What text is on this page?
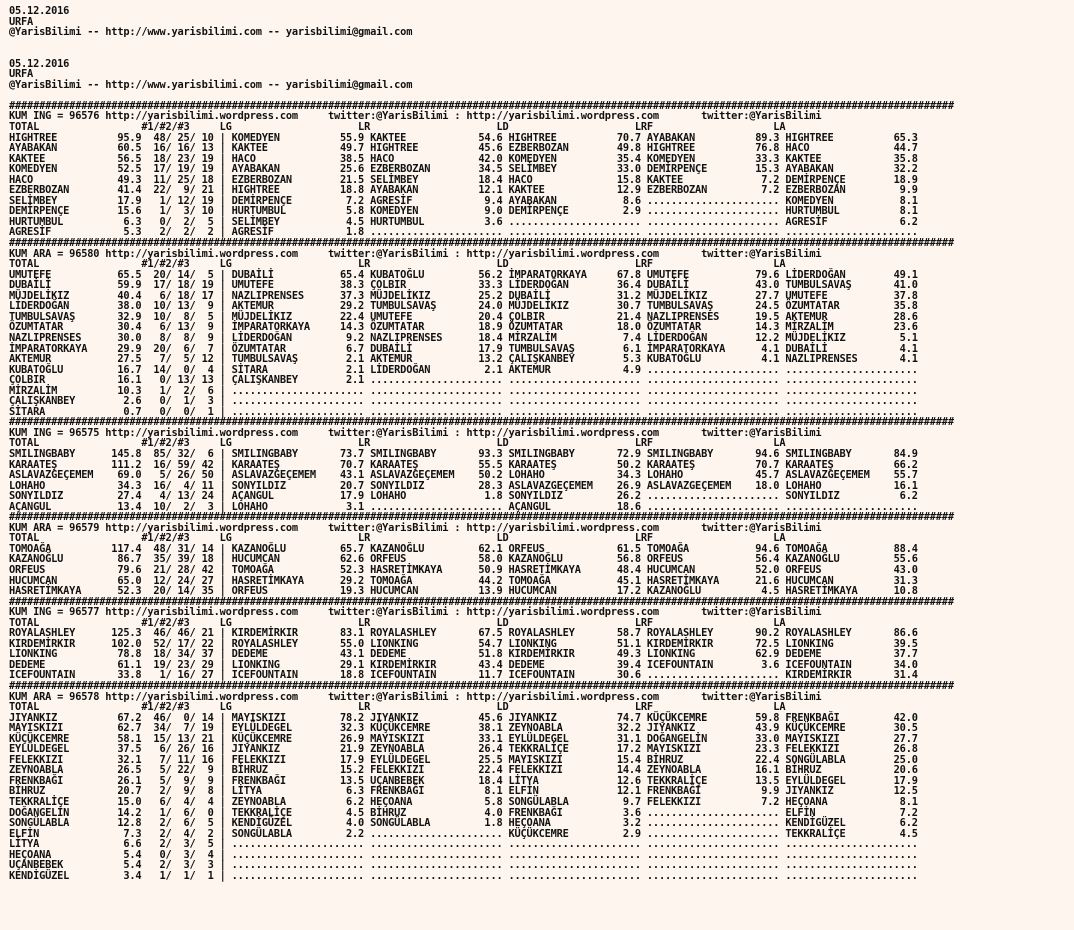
05.12.2016
URFA
@YarisBilimi -- http://www.yarisbilimi.com -- yarisbilimi@gmail.com
05.12.2016
URFA
@YarisBilimi -- http://www.yarisbilimi.com -- yarisbilimi@gmail.com
#############################################################################################################################################################
KUM ING = 96576 http://yarisbilimi.wordpress.com     twitter:@YarisBilimi : http://yarisbilimi.wordpress.com       twitter:@YarisBilimi
TOTAL                 #1/#2/#3     LG                     LR                     LD                     LRF                    LA
HIGHTREE          95.9  48/ 25/ 10 | KOMEDYEN          55.9 KAKTEE            54.6 HIGHTREE          70.7 AYABAKAN          89.3 HIGHTREE          65.3
AYABAKAN          60.5  16/ 16/ 13 | KAKTEE            49.7 HIGHTREE          45.6 EZBERBOZAN        49.8 HIGHTREE          76.8 HACO              44.7
KAKTEE            56.5  18/ 23/ 19 | HACO              38.5 HACO              42.0 KOMEDYEN          35.4 KOMEDYEN          33.3 KAKTEE            35.8
KOMEDYEN          52.5  17/ 19/ 19 | AYABAKAN          25.6 EZBERBOZAN        34.5 SELİMBEY          33.0 DEMİRPENÇE        15.3 AYABAKAN          32.2
HACO              49.3  11/ 25/ 18 | EZBERBOZAN        21.5 SELİMBEY          18.4 HACO              15.8 KAKTEE             7.2 DEMİRPENÇE        18.9
EZBERBOZAN        41.4  22/  9/ 21 | HIGHTREE          18.8 AYABAKAN          12.1 KAKTEE            12.9 EZBERBOZAN         7.2 EZBERBOZAN         9.9
SELİMBEY          17.9   1/ 12/ 19 | DEMİRPENÇE         7.2 AGRESİF            9.4 AYABAKAN           8.6 ...................... KOMEDYEN           8.1
DEMİRPENÇE        15.6   1/  3/ 10 | HURTUMBUL          5.8 KOMEDYEN           9.0 DEMİRPENÇE         2.9 ...................... HURTUMBUL          8.1
HURTUMBUL          6.3   0/  2/  5 | SELİMBEY           4.5 HURTUMBUL          3.6 ...................... ...................... AGRESİF            6.2
AGRESİF            5.3   2/  2/  2 | AGRESİF            1.8 ...................... ...................... ...................... ......................
#############################################################################################################################################################
KUM ARA = 96580 http://yarisbilimi.wordpress.com     twitter:@YarisBilimi : http://yarisbilimi.wordpress.com       twitter:@YarisBilimi
TOTAL                 #1/#2/#3     LG                     LR                     LD                     LRF                    LA
UMUTEFE           65.5  20/ 14/  5 | DUBAİLİ           65.4 KUBATOĞLU         56.2 İMPARATORKAYA     67.8 UMUTEFE           79.6 LİDERDOĞAN        49.1
DUBAİLİ           59.9  17/ 18/ 19 | UMUTEFE           38.3 ÇOLBIR            33.3 LİDERDOĞAN        36.4 DUBAİLİ           43.0 TUMBULSAVAŞ       41.0
MÜJDELİKIZ        40.4   6/ 18/ 17 | NAZLIPRENSES      37.3 MÜJDELİKIZ        25.2 DUBAİLİ           31.2 MÜJDELİKIZ        27.7 UMUTEFE           37.8
LİDERDOĞAN        38.0  10/ 13/  9 | AKTEMUR           29.2 TUMBULSAVAŞ       24.0 MÜJDELİKIZ        30.7 TUMBULSAVAŞ       24.5 ÖZUMTATAR         35.8
TUMBULSAVAŞ       32.9  10/  8/  5 | MÜJDELİKIZ        22.4 UMUTEFE           20.4 ÇOLBIR            21.4 NAZLIPRENSES      19.5 AKTEMUR           28.6
ÖZUMTATAR         30.4   6/ 13/  9 | İMPARATORKAYA     14.3 ÖZUMTATAR         18.9 ÖZUMTATAR         18.0 ÖZUMTATAR         14.3 MİRZALİM          23.6
NAZLIPRENSES      30.0   8/  8/  9 | LİDERDOĞAN         9.2 NAZLIPRENSES      18.4 MİRZALİM           7.4 LİDERDOĞAN        12.2 MÜJDELİKIZ         5.1
İMPARATORKAYA     29.9  20/  6/  7 | ÖZUMTATAR          6.7 DUBAİLİ           17.9 TUMBULSAVAŞ        6.1 İMPARATORKAYA      4.1 DUBAİLİ            4.1
AKTEMUR           27.5   7/  5/ 12 | TUMBULSAVAŞ        2.1 AKTEMUR           13.2 ÇALIŞKANBEY        5.3 KUBATOĞLU          4.1 NAZLIPRENSES       4.1
KUBATOĞLU         16.7  14/  0/  4 | SİTARA             2.1 LİDERDOĞAN         2.1 AKTEMUR            4.9 ...................... ......................
ÇOLBIR            16.1   0/ 13/ 13 | ÇALIŞKANBEY        2.1 ...................... ...................... ...................... ......................
MİRZALİM          10.3   1/  2/  6 | ...................... ...................... ...................... ...................... ......................
ÇALIŞKANBEY        2.6   0/  1/  3 | ...................... ...................... ...................... ...................... ......................
SİTARA             0.7   0/  0/  1 | ...................... ...................... ...................... ...................... ......................
#############################################################################################################################################################
KUM ING = 96575 http://yarisbilimi.wordpress.com     twitter:@YarisBilimi : http://yarisbilimi.wordpress.com       twitter:@YarisBilimi
TOTAL                 #1/#2/#3     LG                     LR                     LD                     LRF                    LA
SMILINGBABY      145.8  85/ 32/  6 | SMILINGBABY       73.7 SMILINGBABY       93.3 SMILINGBABY       72.9 SMILINGBABY       94.6 SMILINGBABY       84.9
KARAATEŞ         111.2  16/ 59/ 42 | KARAATEŞ          70.7 KARAATEŞ          55.5 KARAATEŞ          50.2 KARAATEŞ          70.7 KARAATEŞ          66.2
ASLAVAZGEÇEMEM    69.0   5/ 26/ 50 | ASLAVAZGEÇEMEM    43.1 ASLAVAZGEÇEMEM    50.2 LOHAHO            34.3 LOHAHO            45.7 ASLAVAZGEÇEMEM    55.7
LOHAHO            34.3  16/  4/ 11 | SONYILDIZ         20.7 SONYILDIZ         28.3 ASLAVAZGEÇEMEM    26.9 ASLAVAZGEÇEMEM    18.0 LOHAHO            16.1
SONYILDIZ         27.4   4/ 13/ 24 | AÇANGUL           17.9 LOHAHO             1.8 SONYILDIZ         26.2 ...................... SONYILDIZ          6.2
AÇANGUL           13.4  10/  2/  3 | LOHAHO             3.1 ...................... AÇANGUL           18.6 ...................... ......................
#############################################################################################################################################################
KUM ARA = 96579 http://yarisbilimi.wordpress.com     twitter:@YarisBilimi : http://yarisbilimi.wordpress.com       twitter:@YarisBilimi
TOTAL                 #1/#2/#3     LG                     LR                     LD                     LRF                    LA
TOMOAĞA          117.4  48/ 31/ 14 | KAZANOĞLU         65.7 KAZANOĞLU         62.1 ORFEUS            61.5 TOMOAĞA           94.6 TOMOAĞA           88.4
KAZANOĞLU         86.7  35/ 39/ 18 | HUCUMCAN          62.6 ORFEUS            58.0 KAZANOĞLU         56.8 ORFEUS            56.4 KAZANOĞLU         55.6
ORFEUS            79.6  21/ 28/ 42 | TOMOAĞA           52.3 HASRETİMKAYA      50.9 HASRETİMKAYA      48.4 HUCUMCAN          52.0 ORFEUS            43.0
HUCUMCAN          65.0  12/ 24/ 27 | HASRETİMKAYA      29.2 TOMOAĞA           44.2 TOMOAĞA           45.1 HASRETİMKAYA      21.6 HUCUMCAN          31.3
HASRETİMKAYA      52.3  20/ 14/ 35 | ORFEUS            19.3 HUCUMCAN          13.9 HUCUMCAN          17.2 KAZANOĞLU          4.5 HASRETİMKAYA      10.8
#############################################################################################################################################################
KUM ING = 96577 http://yarisbilimi.wordpress.com     twitter:@YarisBilimi : http://yarisbilimi.wordpress.com       twitter:@YarisBilimi
TOTAL                 #1/#2/#3     LG                     LR                     LD                     LRF                    LA
ROYALASHLEY      125.3  46/ 46/ 21 | KIRDEMİRKIR       83.1 ROYALASHLEY       67.5 ROYALASHLEY       58.7 ROYALASHLEY       90.2 ROYALASHLEY       86.6
KIRDEMİRKIR      102.0  52/ 17/ 22 | ROYALASHLEY       55.0 LIONKING          54.7 LIONKING          51.1 KIRDEMİRKIR       72.5 LIONKING          39.5
LIONKING          78.8  18/ 34/ 37 | DEDEME            43.1 DEDEME            51.8 KIRDEMİRKIR       49.3 LIONKING          62.9 DEDEME            37.7
DEDEME            61.1  19/ 23/ 29 | LIONKING          29.1 KIRDEMİRKIR       43.4 DEDEME            39.4 ICEFOUNTAIN        3.6 ICEFOUNTAIN       34.0
ICEFOUNTAIN       33.8   1/ 16/ 27 | ICEFOUNTAIN       18.8 ICEFOUNTAIN       11.7 ICEFOUNTAIN       30.6 ...................... KIRDEMİRKIR       31.4
#############################################################################################################################################################
KUM ARA = 96578 http://yarisbilimi.wordpress.com     twitter:@YarisBilimi : http://yarisbilimi.wordpress.com       twitter:@YarisBilimi
TOTAL                 #1/#2/#3     LG                     LR                     LD                     LRF                    LA
JIYANKIZ          67.2  46/  0/ 14 | MAYISKIZI         78.2 JIYANKIZ          45.6 JIYANKIZ          74.7 KÜÇÜKCEMRE        59.8 FRENKBAĞI         42.0
MAYISKIZI         62.7  34/  7/ 19 | EYLÜLDEGEL        32.3 KÜÇÜKCEMRE        38.1 ZEYNOABLA         32.2 JIYANKIZ          43.9 KÜÇÜKCEMRE        30.5
KÜÇÜKCEMRE        58.1  15/ 13/ 21 | KÜÇÜKCEMRE        26.9 MAYISKIZI         33.1 EYLÜLDEGEL        31.1 DOĞANGELİN        33.0 MAYISKIZI         27.7
EYLÜLDEGEL        37.5   6/ 26/ 16 | JIYANKIZ          21.9 ZEYNOABLA         26.4 TEKKRALİÇE        17.2 MAYISKIZI         23.3 FELEKKIZI         26.8
FELEKKIZI         32.1   7/ 11/ 16 | FELEKKIZI         17.9 EYLÜLDEGEL        25.5 MAYISKIZI         15.4 BİHRUZ            22.4 SONGÜLABLA        25.0
ZEYNOABLA         26.5   5/ 22/  9 | BİHRUZ            15.2 FELEKKIZI         22.4 FELEKKIZI         14.4 ZEYNOABLA         16.1 BİHRUZ            20.6
FRENKBAĞI         26.1   5/  9/  9 | FRENKBAĞI         13.5 UÇANBEBEK         18.4 LİTYA             12.6 TEKKRALİÇE        13.5 EYLÜLDEGEL        17.9
BİHRUZ            20.7   2/  9/  8 | LİTYA              6.3 FRENKBAĞI          8.1 ELFİN             12.1 FRENKBAĞI          9.9 JIYANKIZ          12.5
TEKKRALİÇE        15.0   6/  4/  4 | ZEYNOABLA          6.2 HEÇOANA            5.8 SONGÜLABLA         9.7 FELEKKIZI          7.2 HEÇOANA            8.1
DOĞANGELİN        14.2   1/  6/  0 | TEKKRALİÇE         4.5 BİHRUZ             4.0 FRENKBAĞI          3.6 ...................... ELFİN              7.2
SONGÜLABLA        12.8   2/  6/  5 | KENDİGÜZEL         4.0 SONGÜLABLA         1.8 HEÇOANA            3.2 ...................... KENDİGÜZEL         6.2
ELFİN              7.3   2/  4/  2 | SONGÜLABLA         2.2 ...................... KÜÇÜKCEMRE         2.9 ...................... TEKKRALİÇE         4.5
LİTYA              6.6   2/  3/  5 | ...................... ...................... ...................... ...................... ......................
HEÇOANA            5.4   0/  3/  4 | ...................... ...................... ...................... ...................... ......................
UÇANBEBEK          5.4   2/  3/  3 | ...................... ...................... ...................... ...................... ......................
KENDİGÜZEL         3.4   1/  1/  1 | ...................... ...................... ...................... ...................... ......................
